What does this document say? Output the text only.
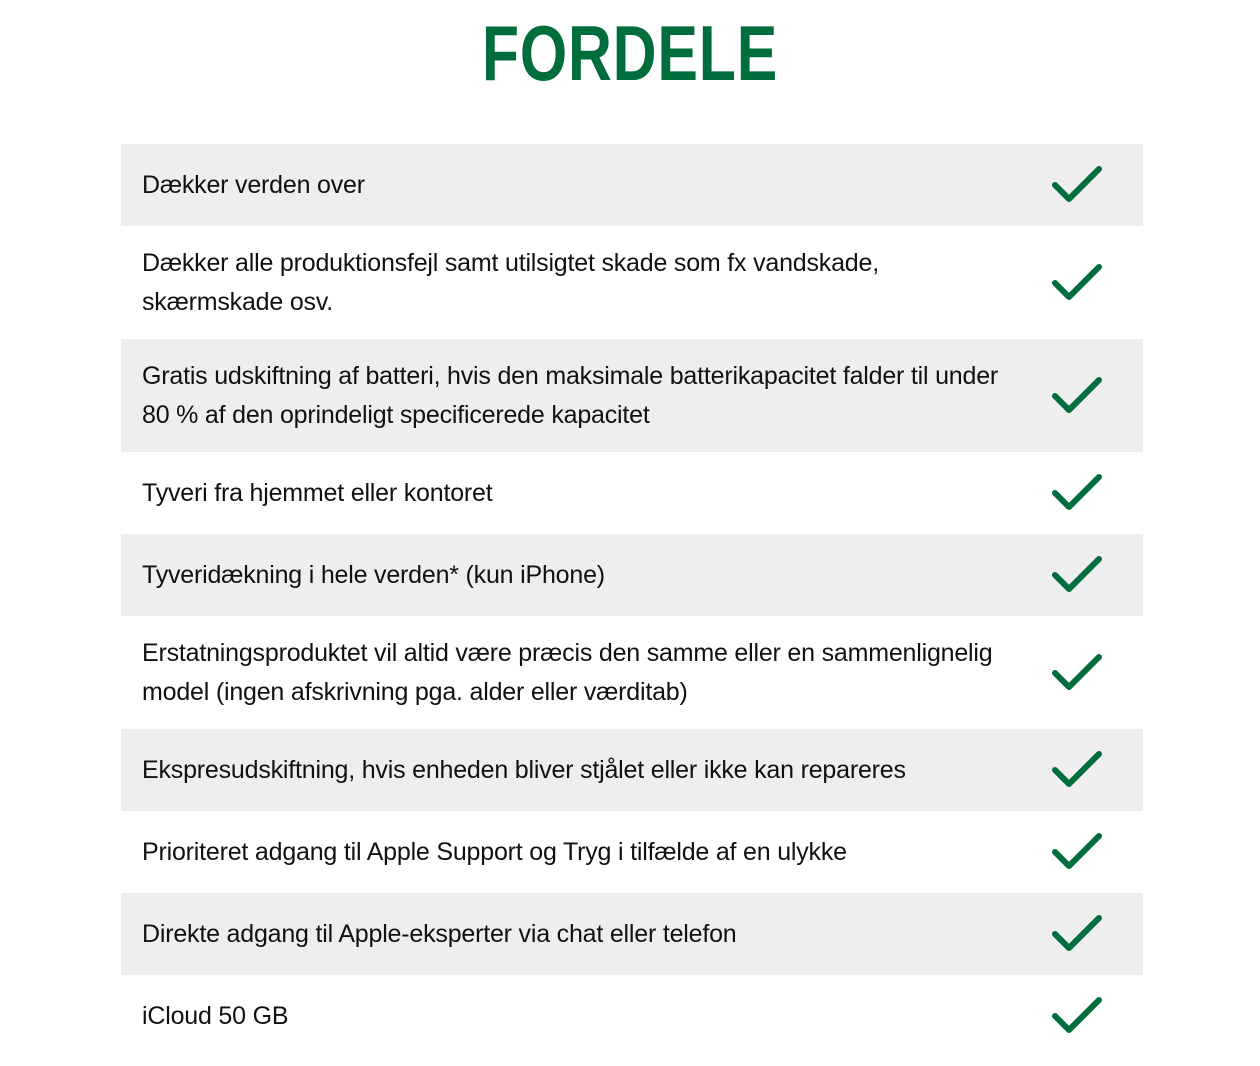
FORDELE
Dækker verden over
Dækker alle produktionsfejl samt utilsigtet skade som fx vandskade, skærmskade osv.
Gratis udskiftning af batteri, hvis den maksimale batterikapacitet falder til under 80 % af den oprindeligt specificerede kapacitet
Tyveri fra hjemmet eller kontoret
Tyveridækning i hele verden* (kun iPhone)
Erstatningsproduktet vil altid være præcis den samme eller en sammenlignelig model (ingen afskrivning pga. alder eller værditab)
Ekspresudskiftning, hvis enheden bliver stjålet eller ikke kan repareres
Prioriteret adgang til Apple Support og Tryg i tilfælde af en ulykke
Direkte adgang til Apple-eksperter via chat eller telefon
iCloud 50 GB
